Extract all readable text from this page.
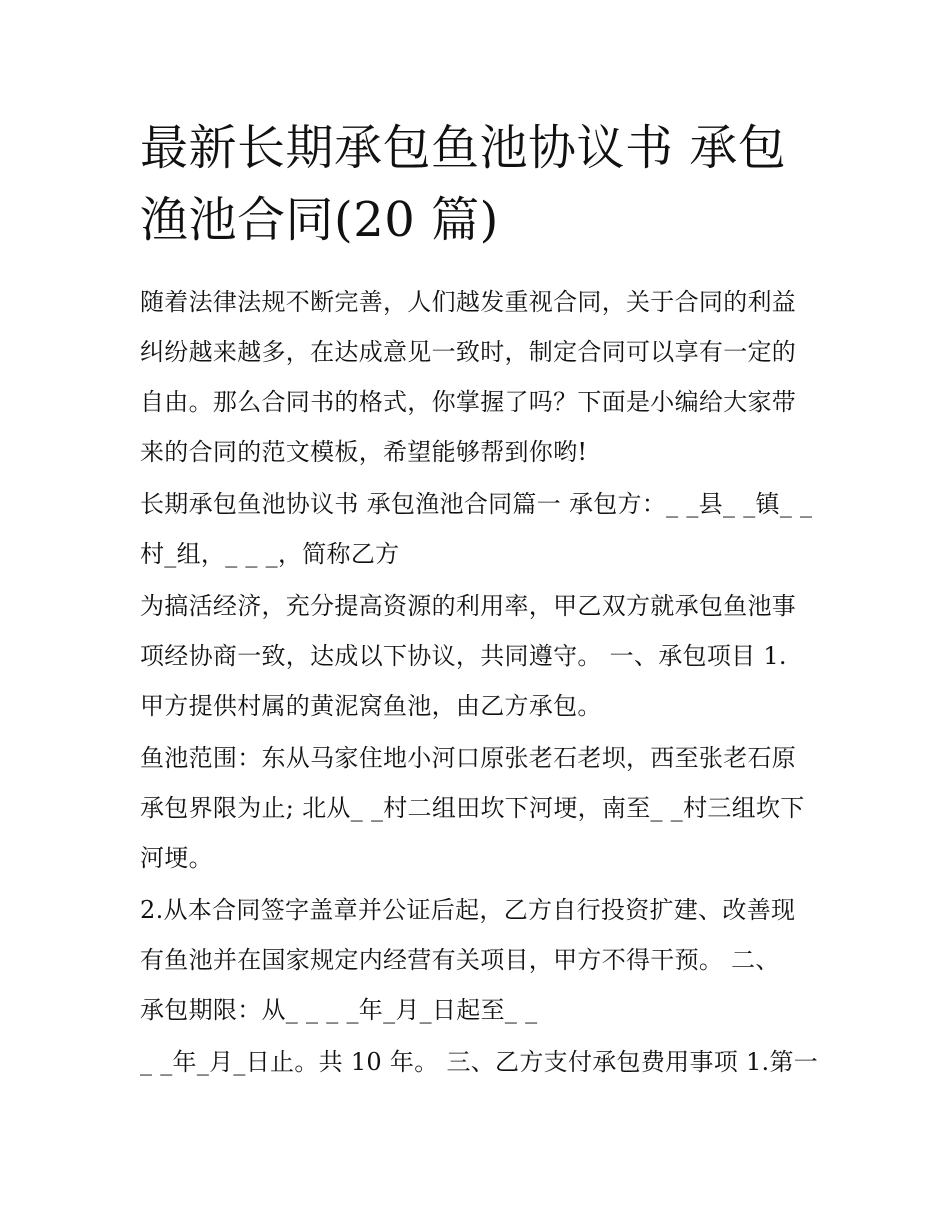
最新长期承包鱼池协议书 承包
渔池合同(20 篇)
随着法律法规不断完善，人们越发重视合同，关于合同的利益
纠纷越来越多，在达成意见一致时，制定合同可以享有一定的
自由。那么合同书的格式，你掌握了吗？下面是小编给大家带
来的合同的范文模板，希望能够帮到你哟!
长期承包鱼池协议书 承包渔池合同篇一 承包方：_ _县_ _镇_ _
村_组，_ _ _，简称乙方
为搞活经济，充分提高资源的利用率，甲乙双方就承包鱼池事
项经协商一致，达成以下协议，共同遵守。 一、承包项目 1.
甲方提供村属的黄泥窝鱼池，由乙方承包。
鱼池范围：东从马家住地小河口原张老石老坝，西至张老石原
承包界限为止; 北从_ _村二组田坎下河埂，南至_ _村三组坎下
河埂。
2.从本合同签字盖章并公证后起，乙方自行投资扩建、改善现
有鱼池并在国家规定内经营有关项目，甲方不得干预。 二、
承包期限：从_ _ _ _年_月_日起至_ _
_ _年_月_日止。共 10 年。 三、乙方支付承包费用事项 1.第一
